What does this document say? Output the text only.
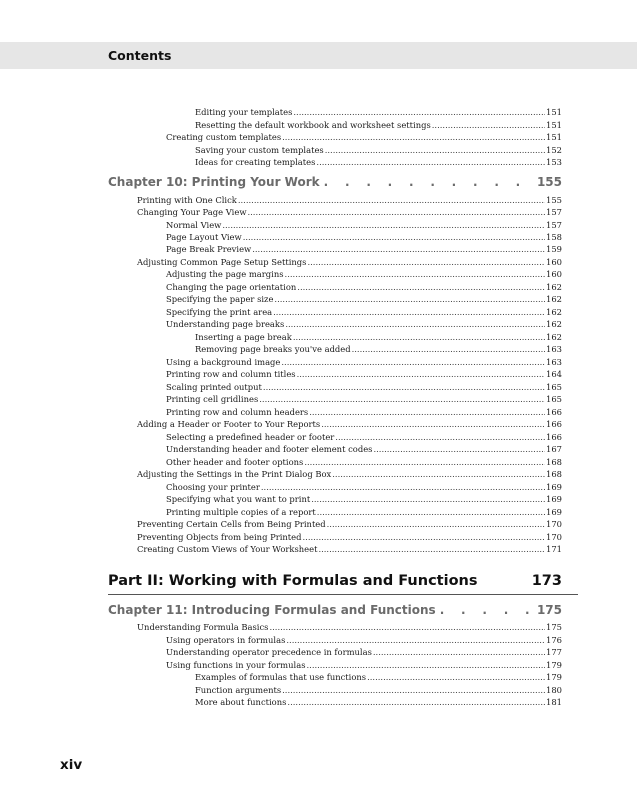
Contents
Editing your templates .....	151
Resetting the default workbook and worksheet settings .....	151
Creating custom templates .....	151
Saving your custom templates .....	152
Ideas for creating templates .....	153
Chapter 10: Printing Your Work . . .	155
Printing with One Click .....	155
Changing Your Page View .....	157
Normal View .....	157
Page Layout View .....	158
Page Break Preview .....	159
Adjusting Common Page Setup Settings .....	160
Adjusting the page margins .....	160
Changing the page orientation .....	162
Specifying the paper size .....	162
Specifying the print area .....	162
Understanding page breaks .....	162
Inserting a page break .....	162
Removing page breaks you've added .....	163
Using a background image .....	163
Printing row and column titles .....	164
Scaling printed output .....	165
Printing cell gridlines .....	165
Printing row and column headers .....	166
Adding a Header or Footer to Your Reports .....	166
Selecting a predefined header or footer .....	166
Understanding header and footer element codes .....	167
Other header and footer options .....	168
Adjusting the Settings in the Print Dialog Box .....	168
Choosing your printer .....	169
Specifying what you want to print .....	169
Printing multiple copies of a report .....	169
Preventing Certain Cells from Being Printed .....	170
Preventing Objects from being Printed .....	170
Creating Custom Views of Your Worksheet .....	171
Part II: Working with Formulas and Functions	173
Chapter 11: Introducing Formulas and Functions . . .	175
Understanding Formula Basics .....	175
Using operators in formulas .....	176
Understanding operator precedence in formulas .....	177
Using functions in your formulas .....	179
Examples of formulas that use functions .....	179
Function arguments .....	180
More about functions .....	181
xiv
